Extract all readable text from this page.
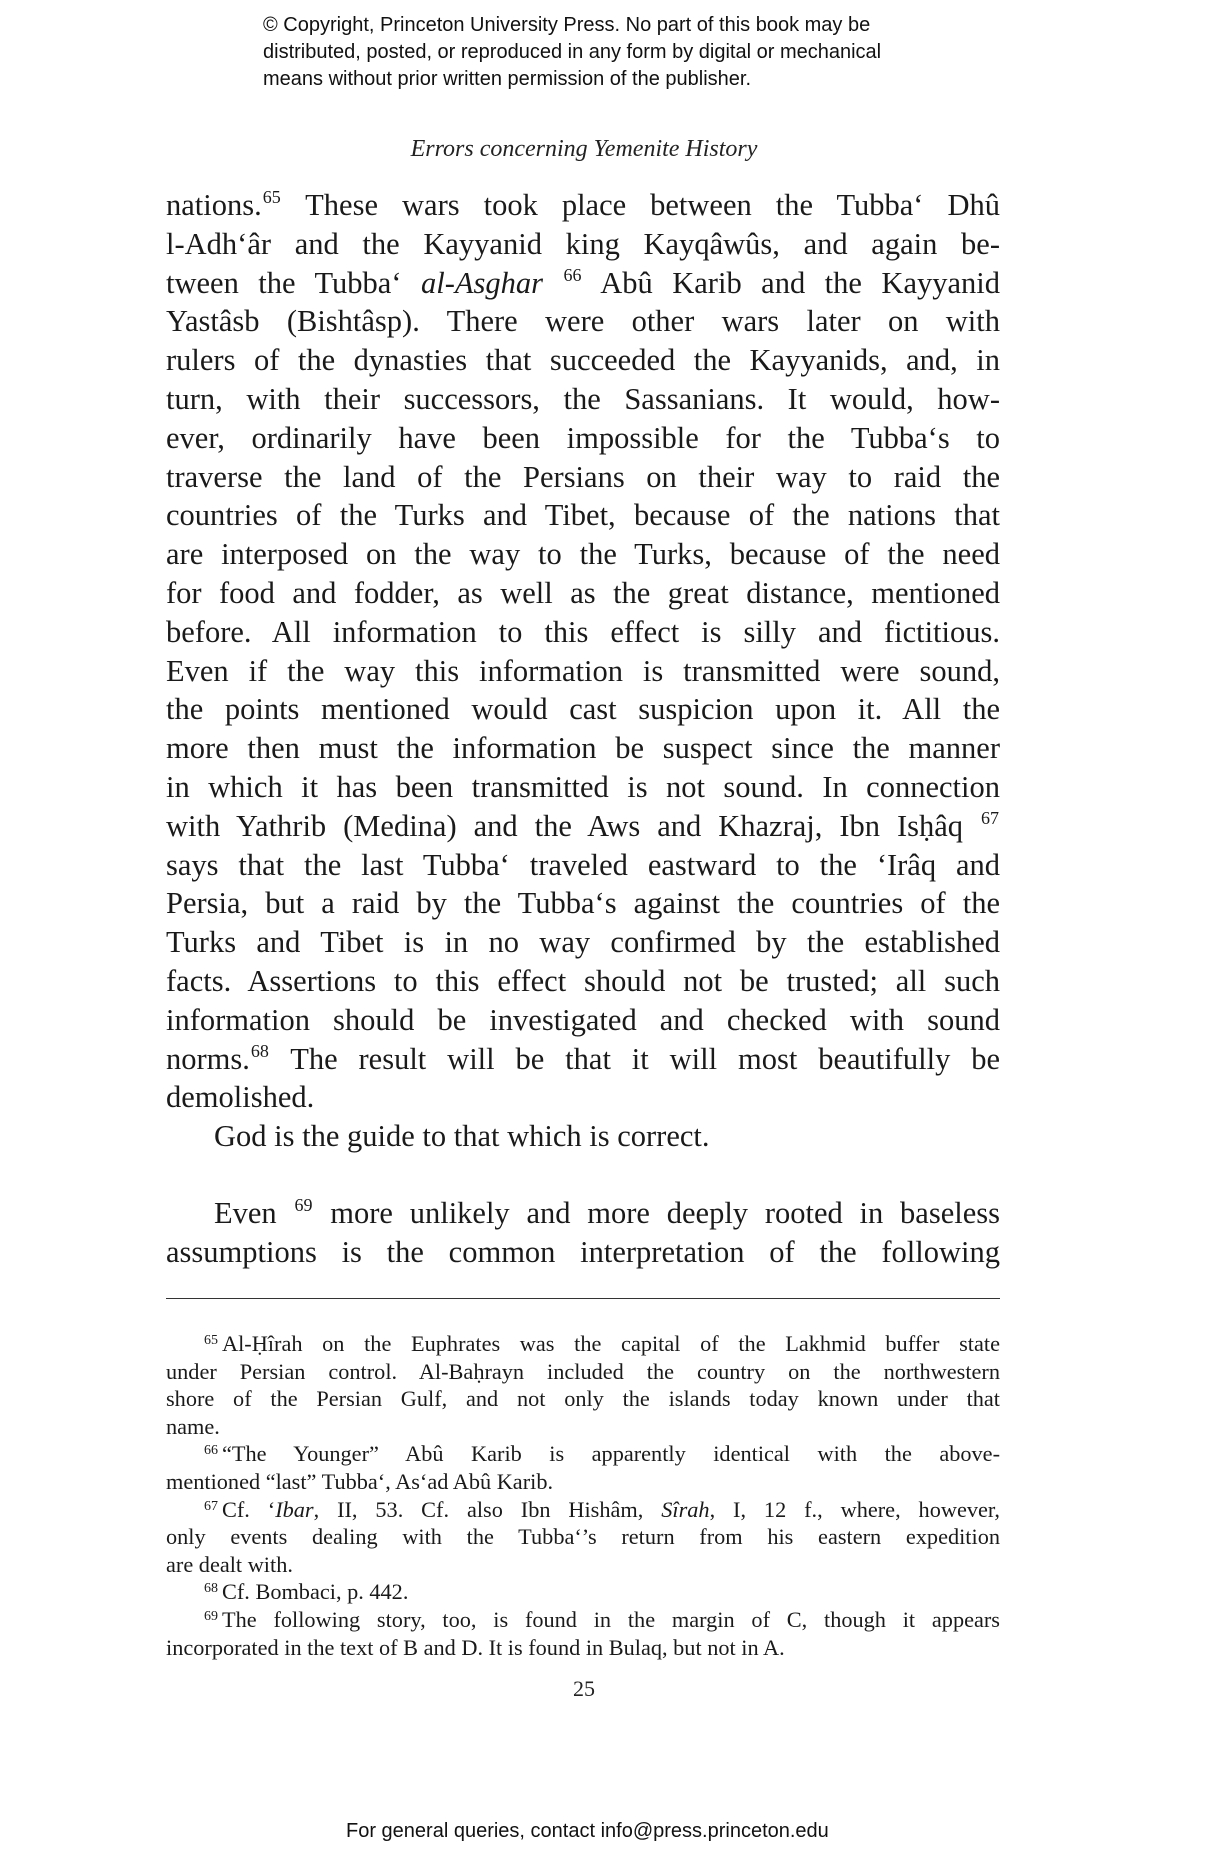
© Copyright, Princeton University Press. No part of this book may be
distributed, posted, or reproduced in any form by digital or mechanical
means without prior written permission of the publisher.
Errors concerning Yemenite History
nations.$^{65}$ These wars took place between the Tubba‘ Dhû
l-Adh‘âr and the Kayyanid king Kayqâwûs, and again be-
tween the Tubba‘ al-Asghar $^{66}$ Abû Karib and the Kayyanid
Yastâsb (Bishtâsp). There were other wars later on with
rulers of the dynasties that succeeded the Kayyanids, and, in
turn, with their successors, the Sassanians. It would, how-
ever, ordinarily have been impossible for the Tubba‘s to
traverse the land of the Persians on their way to raid the
countries of the Turks and Tibet, because of the nations that
are interposed on the way to the Turks, because of the need
for food and fodder, as well as the great distance, mentioned
before. All information to this effect is silly and fictitious.
Even if the way this information is transmitted were sound,
the points mentioned would cast suspicion upon it. All the
more then must the information be suspect since the manner
in which it has been transmitted is not sound. In connection
with Yathrib (Medina) and the Aws and Khazraj, Ibn Isḥâq $^{67}$
says that the last Tubba‘ traveled eastward to the ‘Irâq and
Persia, but a raid by the Tubba‘s against the countries of the
Turks and Tibet is in no way confirmed by the established
facts. Assertions to this effect should not be trusted; all such
information should be investigated and checked with sound
norms.$^{68}$ The result will be that it will most beautifully be
demolished.
God is the guide to that which is correct.
Even $^{69}$ more unlikely and more deeply rooted in baseless
assumptions is the common interpretation of the following
$^{65}$ Al-Ḥîrah on the Euphrates was the capital of the Lakhmid buffer state
under Persian control. Al-Baḥrayn included the country on the northwestern
shore of the Persian Gulf, and not only the islands today known under that
name.
$^{66}$ “The Younger” Abû Karib is apparently identical with the above-
mentioned “last” Tubba‘, As‘ad Abû Karib.
$^{67}$ Cf. ‘Ibar, II, 53. Cf. also Ibn Hishâm, Sîrah, I, 12 f., where, however,
only events dealing with the Tubba‘’s return from his eastern expedition
are dealt with.
$^{68}$ Cf. Bombaci, p. 442.
$^{69}$ The following story, too, is found in the margin of C, though it appears
incorporated in the text of B and D. It is found in Bulaq, but not in A.
25
For general queries, contact info@press.princeton.edu
